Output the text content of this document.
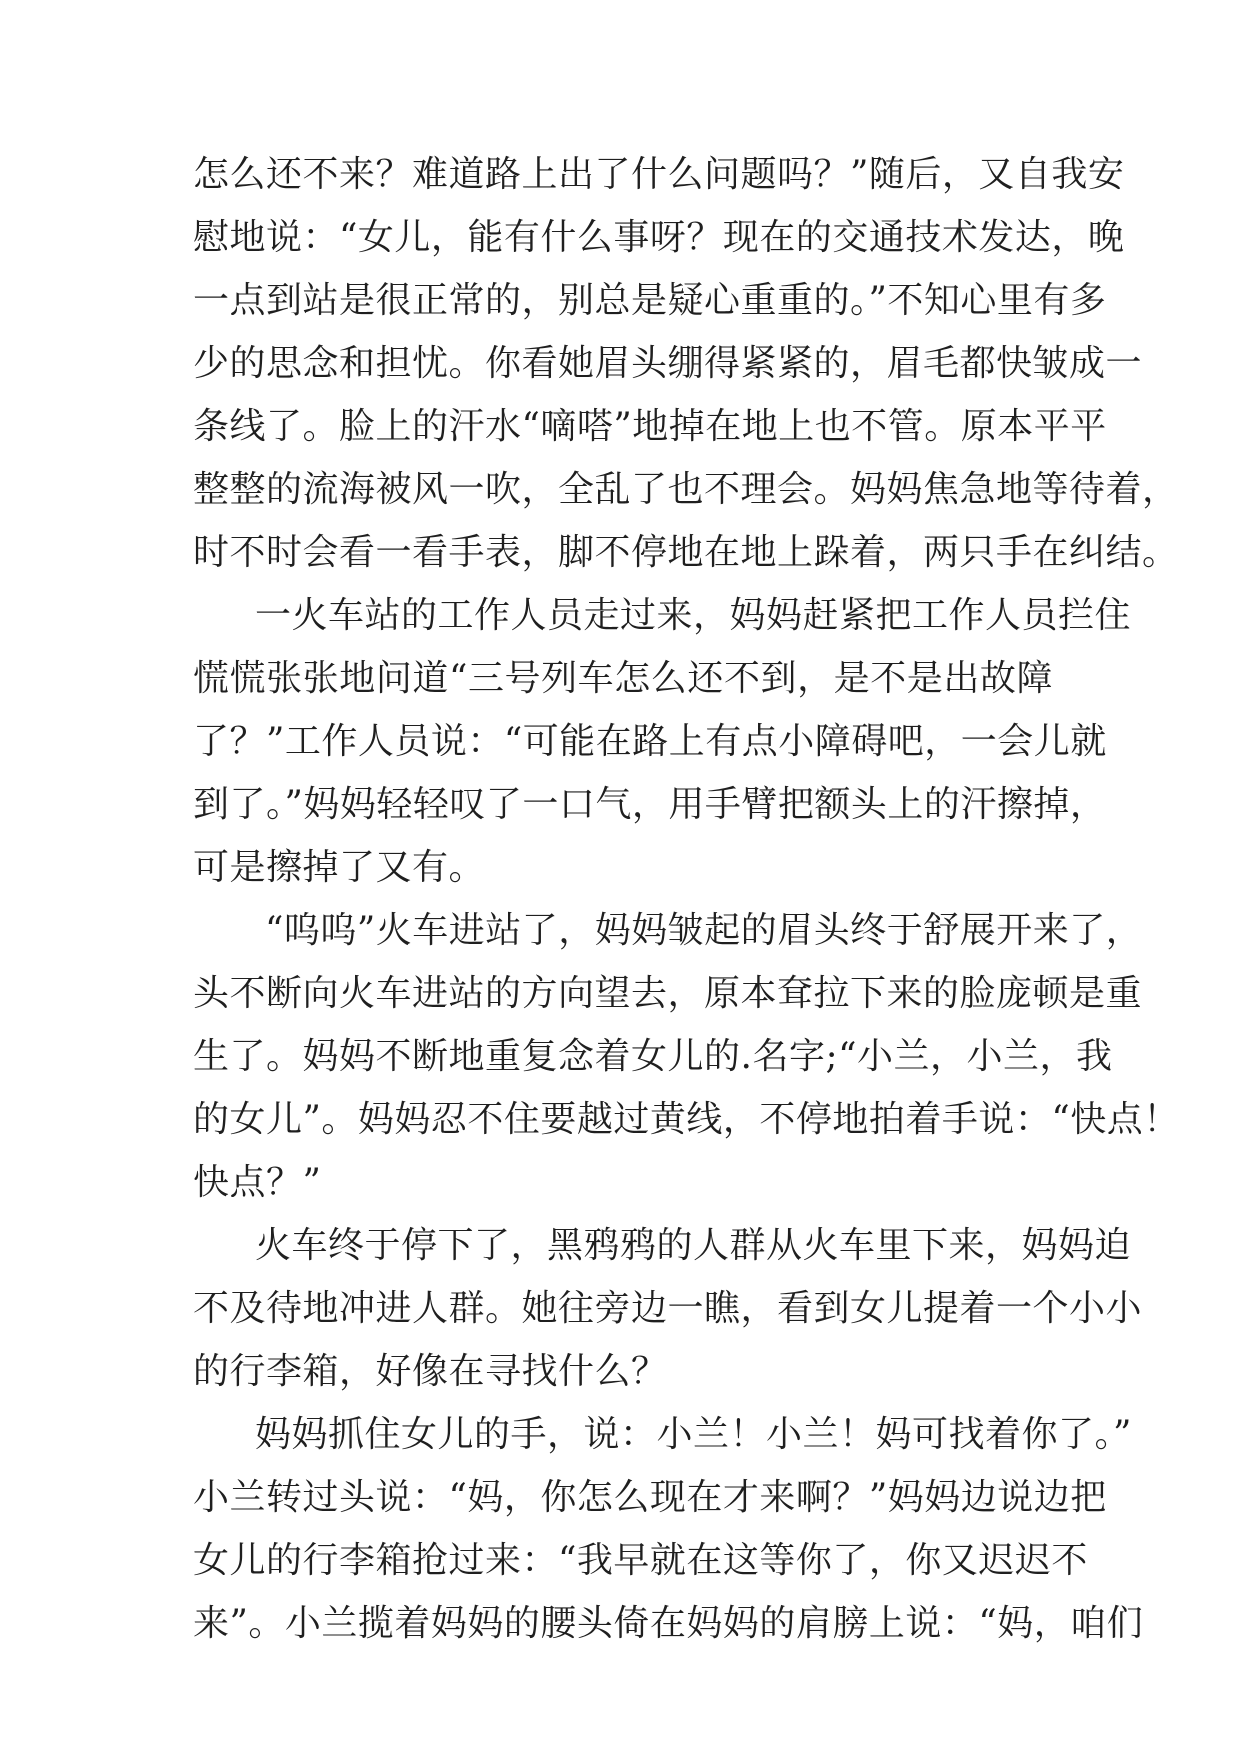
怎么还不来？难道路上出了什么问题吗？”随后，又自我安
慰地说：“女儿，能有什么事呀？现在的交通技术发达，晚
一点到站是很正常的，别总是疑心重重的。”不知心里有多
少的思念和担忧。你看她眉头绷得紧紧的，眉毛都快皱成一
条线了。脸上的汗水“嘀嗒”地掉在地上也不管。原本平平
整整的流海被风一吹，全乱了也不理会。妈妈焦急地等待着，
时不时会看一看手表，脚不停地在地上跺着，两只手在纠结。
一火车站的工作人员走过来，妈妈赶紧把工作人员拦住
慌慌张张地问道“三号列车怎么还不到，是不是出故障
了？”工作人员说：“可能在路上有点小障碍吧，一会儿就
到了。”妈妈轻轻叹了一口气，用手臂把额头上的汗擦掉，
可是擦掉了又有。
“呜呜”火车进站了，妈妈皱起的眉头终于舒展开来了，
头不断向火车进站的方向望去，原本耷拉下来的脸庞顿是重
生了。妈妈不断地重复念着女儿的.名字;“小兰，小兰，我
的女儿”。妈妈忍不住要越过黄线，不停地拍着手说：“快点！
快点？”
火车终于停下了，黑鸦鸦的人群从火车里下来，妈妈迫
不及待地冲进人群。她往旁边一瞧，看到女儿提着一个小小
的行李箱，好像在寻找什么？
妈妈抓住女儿的手，说：小兰！小兰！妈可找着你了。”
小兰转过头说：“妈，你怎么现在才来啊？”妈妈边说边把
女儿的行李箱抢过来：“我早就在这等你了，你又迟迟不
来”。小兰揽着妈妈的腰头倚在妈妈的肩膀上说：“妈，咱们
